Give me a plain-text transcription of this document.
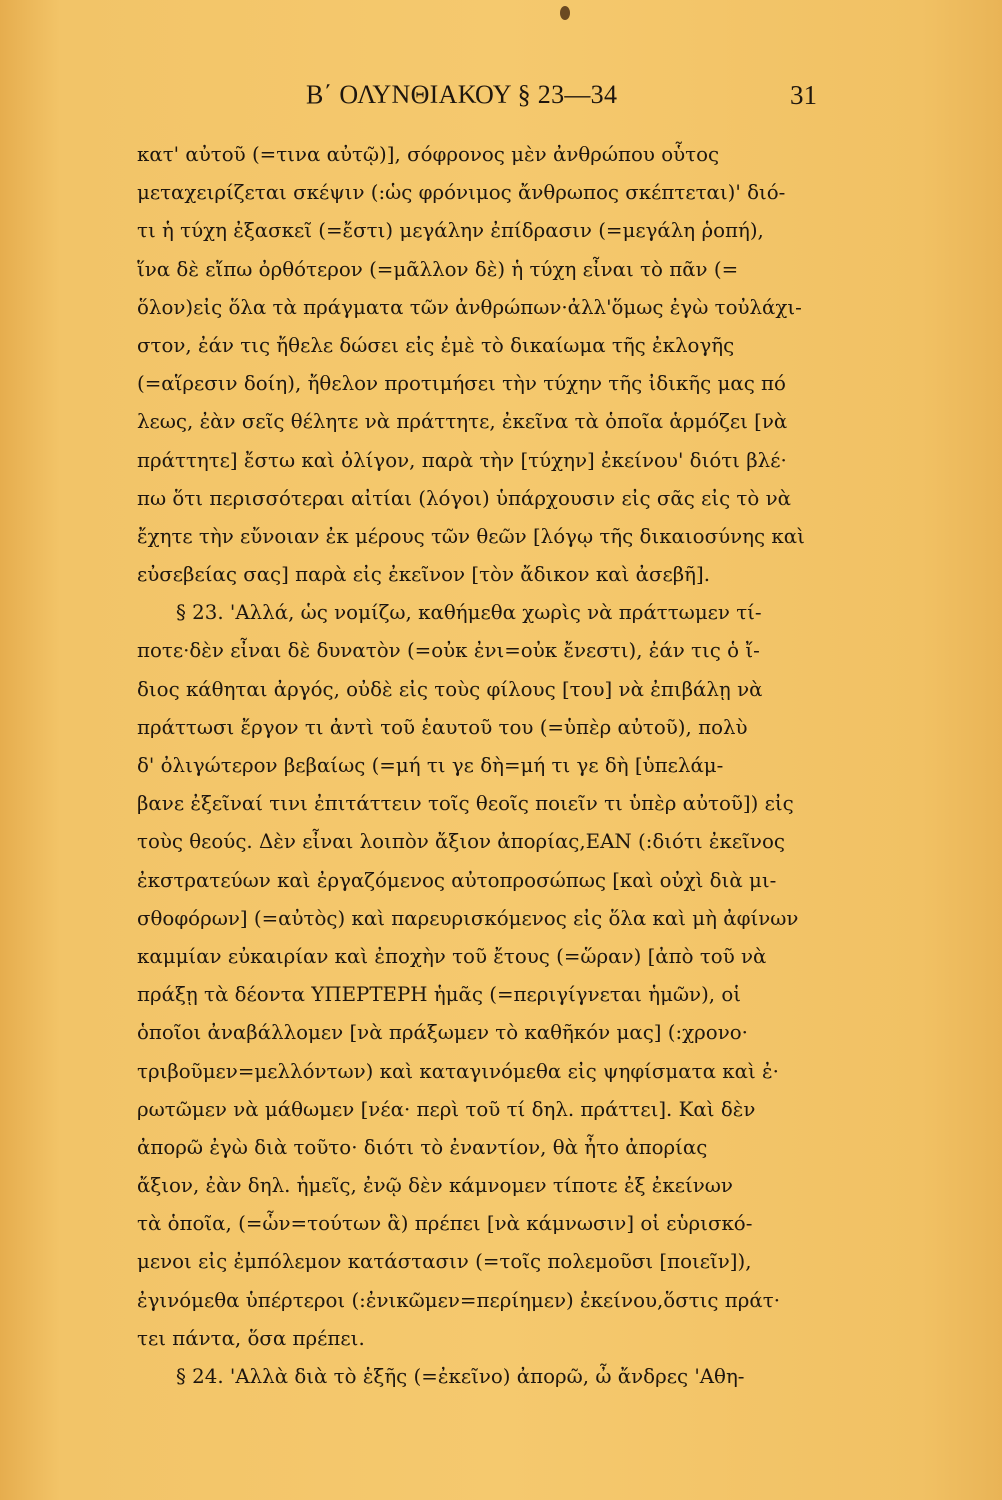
Β΄ ΟΛΥΝΘΙΑΚΟΥ § 23—34	31
κατ' αὐτοῦ (=τινα αὐτῷ)], σόφρονος μὲν ἀνθρώπου οὗτος
μεταχειρίζεται σκέψιν (:ὡς φρόνιμος ἄνθρωπος σκέπτεται)' διό-
τι ἡ τύχη ἐξασκεῖ (=ἔστι) μεγάλην ἐπίδρασιν (=μεγάλη ῥοπή),
ἵνα δὲ εἴπω ὀρθότερον (=μᾶλλον δὲ) ἡ τύχη εἶναι τὸ πᾶν (=
ὅλον)εἰς ὅλα τὰ πράγματα τῶν ἀνθρώπων·ἀλλ'ὅμως ἐγὼ τοὐλάχι-
στον, ἐάν τις ἤθελε δώσει εἰς ἐμὲ τὸ δικαίωμα τῆς ἐκλογῆς
(=αἵρεσιν δοίη), ἤθελον προτιμήσει τὴν τύχην τῆς ἰδικῆς μας πό
λεως, ἐὰν σεῖς θέλητε νὰ πράττητε, ἐκεῖνα τὰ ὁποῖα ἁρμόζει [νὰ
πράττητε] ἔστω καὶ ὀλίγον, παρὰ τὴν [τύχην] ἐκείνου' διότι βλέ·
πω ὅτι περισσότεραι αἰτίαι (λόγοι) ὑπάρχουσιν εἰς σᾶς εἰς τὸ νὰ
ἔχητε τὴν εὔνοιαν ἐκ μέρους τῶν θεῶν [λόγῳ τῆς δικαιοσύνης καὶ
εὐσεβείας σας] παρὰ εἰς ἐκεῖνον [τὸν ἄδικον καὶ ἀσεβῆ].
§ 23. 'Αλλά, ὡς νομίζω, καθήμεθα χωρὶς νὰ πράττωμεν τί-
ποτε·δὲν εἶναι δὲ δυνατὸν (=οὐκ ἐνι=οὐκ ἔνεστι), ἐάν τις ὁ ἴ-
διος κάθηται ἀργός, οὐδὲ εἰς τοὺς φίλους [του] νὰ ἐπιβάλῃ νὰ
πράττωσι ἔργον τι ἀντὶ τοῦ ἑαυτοῦ του (=ὑπὲρ αὐτοῦ), πολὺ
δ' ὀλιγώτερον βεβαίως (=μή τι γε δὴ=μή τι γε δὴ [ὑπελάμ-
βανε ἐξεῖναί τινι ἐπιτάττειν τοῖς θεοῖς ποιεῖν τι ὑπὲρ αὐτοῦ]) εἰς
τοὺς θεούς. Δὲν εἶναι λοιπὸν ἄξιον ἀπορίας,ΕΑΝ (:διότι ἐκεῖνος
ἐκστρατεύων καὶ ἐργαζόμενος αὐτοπροσώπως [καὶ οὐχὶ διὰ μι-
σθοφόρων] (=αὐτὸς) καὶ παρευρισκόμενος εἰς ὅλα καὶ μὴ ἀφίνων
καμμίαν εὐκαιρίαν καὶ ἐποχὴν τοῦ ἔτους (=ὥραν) [ἀπὸ τοῦ νὰ
πράξῃ τὰ δέοντα ΥΠΕΡΤΕΡΗ ἡμᾶς (=περιγίγνεται ἡμῶν), οἱ
ὁποῖοι ἀναβάλλομεν [νὰ πράξωμεν τὸ καθῆκόν μας] (:χρονο·
τριβοῦμεν=μελλόντων) καὶ καταγινόμεθα εἰς ψηφίσματα καὶ ἐ·
ρωτῶμεν νὰ μάθωμεν [νέα· περὶ τοῦ τί δηλ. πράττει]. Καὶ δὲν
ἀπορῶ ἐγὼ διὰ τοῦτο· διότι τὸ ἐναντίον, θὰ ἦτο ἀπορίας
ἄξιον, ἐὰν δηλ. ἡμεῖς, ἐνῷ δὲν κάμνομεν τίποτε ἐξ ἐκείνων
τὰ ὁποῖα, (=ὧν=τούτων ἃ) πρέπει [νὰ κάμνωσιν] οἱ εὑρισκό-
μενοι εἰς ἐμπόλεμον κατάστασιν (=τοῖς πολεμοῦσι [ποιεῖν]),
ἐγινόμεθα ὑπέρτεροι (:ἐνικῶμεν=περίημεν) ἐκείνου,ὅστις πράτ·
τει πάντα, ὅσα πρέπει.
§ 24. 'Αλλὰ διὰ τὸ ἑξῆς (=ἐκεῖνο) ἀπορῶ, ὦ ἄνδρες 'Αθη-
